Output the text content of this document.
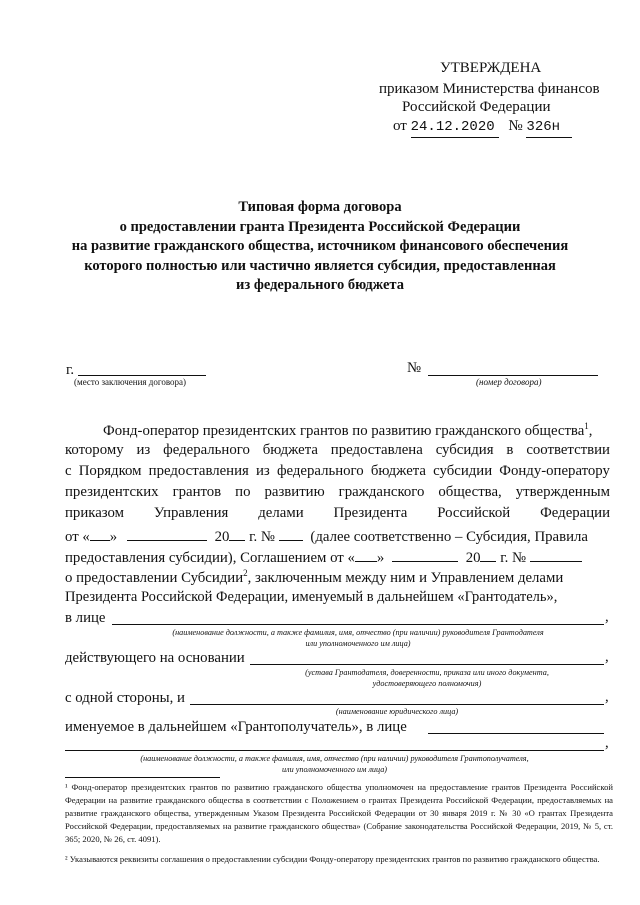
УТВЕРЖДЕНА
приказом Министерства финансов
Российской Федерации
от 24.12.2020 № 326н
Типовая форма договора
о предоставлении гранта Президента Российской Федерации
на развитие гражданского общества, источником финансового обеспечения
которого полностью или частично является субсидия, предоставленная
из федерального бюджета
г.
(место заключения договора)
№
(номер договора)
Фонд-оператор президентских грантов по развитию гражданского общества$^1$,
которому из федерального бюджета предоставлена субсидия в соответствии
с Порядком предоставления из федерального бюджета субсидии Фонду-оператору
президентских грантов по развитию гражданского общества, утвержденным
приказом Управления делами Президента Российской Федерации
от « »	20 г. № (далее соответственно – Субсидия, Правила
предоставления субсидии), Соглашением от « »	20 г. №
о предоставлении Субсидии$^2$, заключенным между ним и Управлением делами
Президента Российской Федерации, именуемый в дальнейшем «Грантодатель»,
в лице	,
(наименование должности, а также фамилия, имя, отчество (при наличии) руководителя Грантодателя
или уполномоченного им лица)
действующего на основании	,
(устава Грантодателя, доверенности, приказа или иного документа,
удостоверяющего полномочия)
с одной стороны, и	,
(наименование юридического лица)
именуемое в дальнейшем «Грантополучатель», в лице
,
(наименование должности, а также фамилия, имя, отчество (при наличии) руководителя Грантополучателя,
или уполномоченного им лица)
¹ Фонд-оператор президентских грантов по развитию гражданского общества уполномочен на предоставление грантов Президента Российской Федерации на развитие гражданского общества в соответствии с Положением о грантах Президента Российской Федерации, предоставляемых на развитие гражданского общества, утвержденным Указом Президента Российской Федерации от 30 января 2019 г. № 30 «О грантах Президента Российской Федерации, предоставляемых на развитие гражданского общества» (Собрание законодательства Российской Федерации, 2019, № 5, ст. 365; 2020, № 26, ст. 4091).
² Указываются реквизиты соглашения о предоставлении субсидии Фонду-оператору президентских грантов по развитию гражданского общества.
